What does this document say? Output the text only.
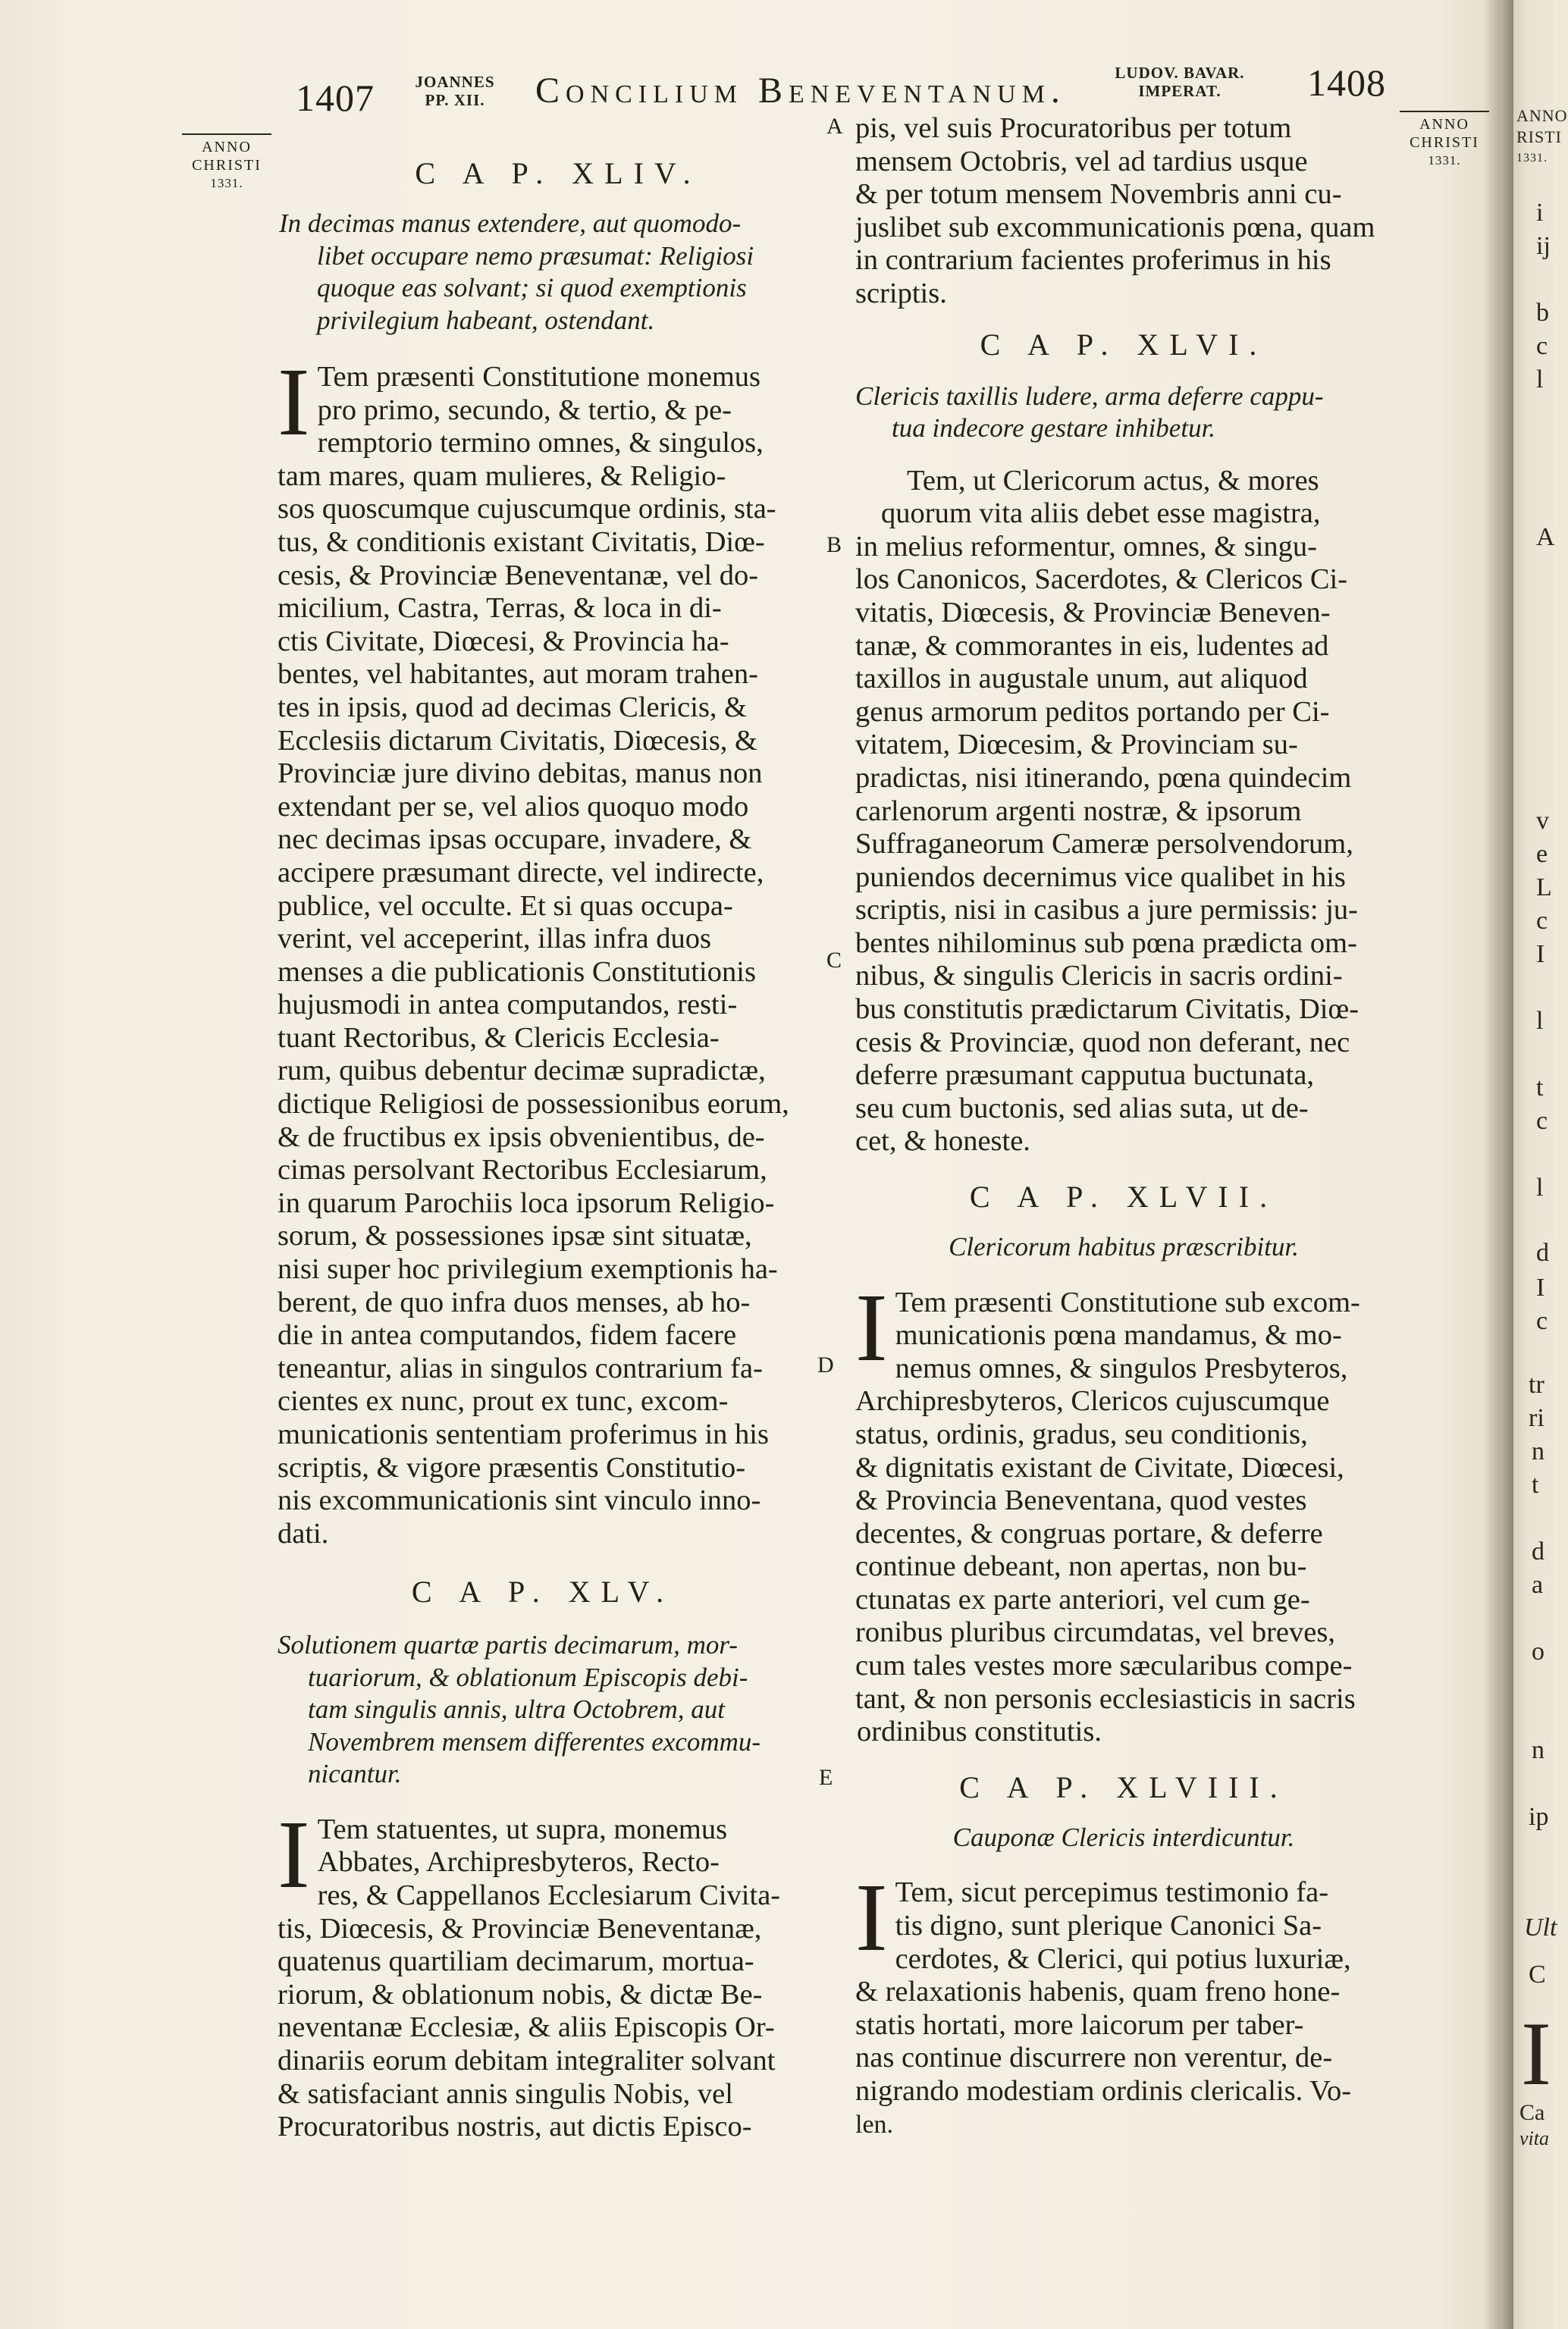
1407	JOANNES
PP. XII.	Concilium Beneventanum.	LUDOV. BAVAR.
IMPERAT.	1408
ANNO
CHRISTI
1331.
ANNO
CHRISTI
1331.
A
B
C
D
E
C A P. XLIV.

In decimas manus extendere, aut quomodo-

libet occupare nemo præsumat: Religiosi

quoque eas solvant; si quod exemptionis

privilegium habeant, ostendant.

I Tem præsenti Constitutione monemus

pro primo, secundo, & tertio, & pe-

remptorio termino omnes, & singulos,

tam mares, quam mulieres, & Religio-

sos quoscumque cujuscumque ordinis, sta-

tus, & conditionis existant Civitatis, Diœ-

cesis, & Provinciæ Beneventanæ, vel do-

micilium, Castra, Terras, & loca in di-

ctis Civitate, Diœcesi, & Provincia ha-

bentes, vel habitantes, aut moram trahen-

tes in ipsis, quod ad decimas Clericis, &

Ecclesiis dictarum Civitatis, Diœcesis, &

Provinciæ jure divino debitas, manus non

extendant per se, vel alios quoquo modo

nec decimas ipsas occupare, invadere, &

accipere præsumant directe, vel indirecte,

publice, vel occulte. Et si quas occupa-

verint, vel acceperint, illas infra duos

menses a die publicationis Constitutionis

hujusmodi in antea computandos, resti-

tuant Rectoribus, & Clericis Ecclesia-

rum, quibus debentur decimæ supradictæ,

dictique Religiosi de possessionibus eorum,

& de fructibus ex ipsis obvenientibus, de-

cimas persolvant Rectoribus Ecclesiarum,

in quarum Parochiis loca ipsorum Religio-

sorum, & possessiones ipsæ sint situatæ,

nisi super hoc privilegium exemptionis ha-

berent, de quo infra duos menses, ab ho-

die in antea computandos, fidem facere

teneantur, alias in singulos contrarium fa-

cientes ex nunc, prout ex tunc, excom-

municationis sententiam proferimus in his

scriptis, & vigore præsentis Constitutio-

nis excommunicationis sint vinculo inno-

dati.

C A P. XLV.

Solutionem quartæ partis decimarum, mor-

tuariorum, & oblationum Episcopis debi-

tam singulis annis, ultra Octobrem, aut

Novembrem mensem differentes excommu-

nicantur.

I Tem statuentes, ut supra, monemus

Abbates, Archipresbyteros, Recto-

res, & Cappellanos Ecclesiarum Civita-

tis, Diœcesis, & Provinciæ Beneventanæ,

quatenus quartiliam decimarum, mortua-

riorum, & oblationum nobis, & dictæ Be-

neventanæ Ecclesiæ, & aliis Episcopis Or-

dinariis eorum debitam integraliter solvant

& satisfaciant annis singulis Nobis, vel

Procuratoribus nostris, aut dictis Episco-

pis, vel suis Procuratoribus per totum

mensem Octobris, vel ad tardius usque

& per totum mensem Novembris anni cu-

juslibet sub excommunicationis pœna, quam

in contrarium facientes proferimus in his

scriptis.

C A P. XLVI.

Clericis taxillis ludere, arma deferre cappu-

tua indecore gestare inhibetur.

Tem, ut Clericorum actus, & mores

quorum vita aliis debet esse magistra,

in melius reformentur, omnes, & singu-

los Canonicos, Sacerdotes, & Clericos Ci-

vitatis, Diœcesis, & Provinciæ Beneven-

tanæ, & commorantes in eis, ludentes ad

taxillos in augustale unum, aut aliquod

genus armorum peditos portando per Ci-

vitatem, Diœcesim, & Provinciam su-

pradictas, nisi itinerando, pœna quindecim

carlenorum argenti nostræ, & ipsorum

Suffraganeorum Cameræ persolvendorum,

puniendos decernimus vice qualibet in his

scriptis, nisi in casibus a jure permissis: ju-

bentes nihilominus sub pœna prædicta om-

nibus, & singulis Clericis in sacris ordini-

bus constitutis prædictarum Civitatis, Diœ-

cesis & Provinciæ, quod non deferant, nec

deferre præsumant capputua buctunata,

seu cum buctonis, sed alias suta, ut de-

cet, & honeste.

C A P. XLVII.

Clericorum habitus præscribitur.

I Tem præsenti Constitutione sub excom-

municationis pœna mandamus, & mo-

nemus omnes, & singulos Presbyteros,

Archipresbyteros, Clericos cujuscumque

status, ordinis, gradus, seu conditionis,

& dignitatis existant de Civitate, Diœcesi,

& Provincia Beneventana, quod vestes

decentes, & congruas portare, & deferre

continue debeant, non apertas, non bu-

ctunatas ex parte anteriori, vel cum ge-

ronibus pluribus circumdatas, vel breves,

cum tales vestes more sæcularibus compe-

tant, & non personis ecclesiasticis in sacris

ordinibus constitutis.

C A P. XLVIII.

Cauponæ Clericis interdicuntur.

I Tem, sicut percepimus testimonio fa-

tis digno, sunt plerique Canonici Sa-

cerdotes, & Clerici, qui potius luxuriæ,

& relaxationis habenis, quam freno hone-

statis hortati, more laicorum per taber-

nas continue discurrere non verentur, de-

nigrando modestiam ordinis clericalis. Vo-

len.

ANNO
RISTI
1331.
i
ij
b
c
l
A
v
e
L
c
I
l
t
c
l
d
I
c
tr
ri
n
t
d
a
o
n
ip
Ult
C
I
Ca
vita
